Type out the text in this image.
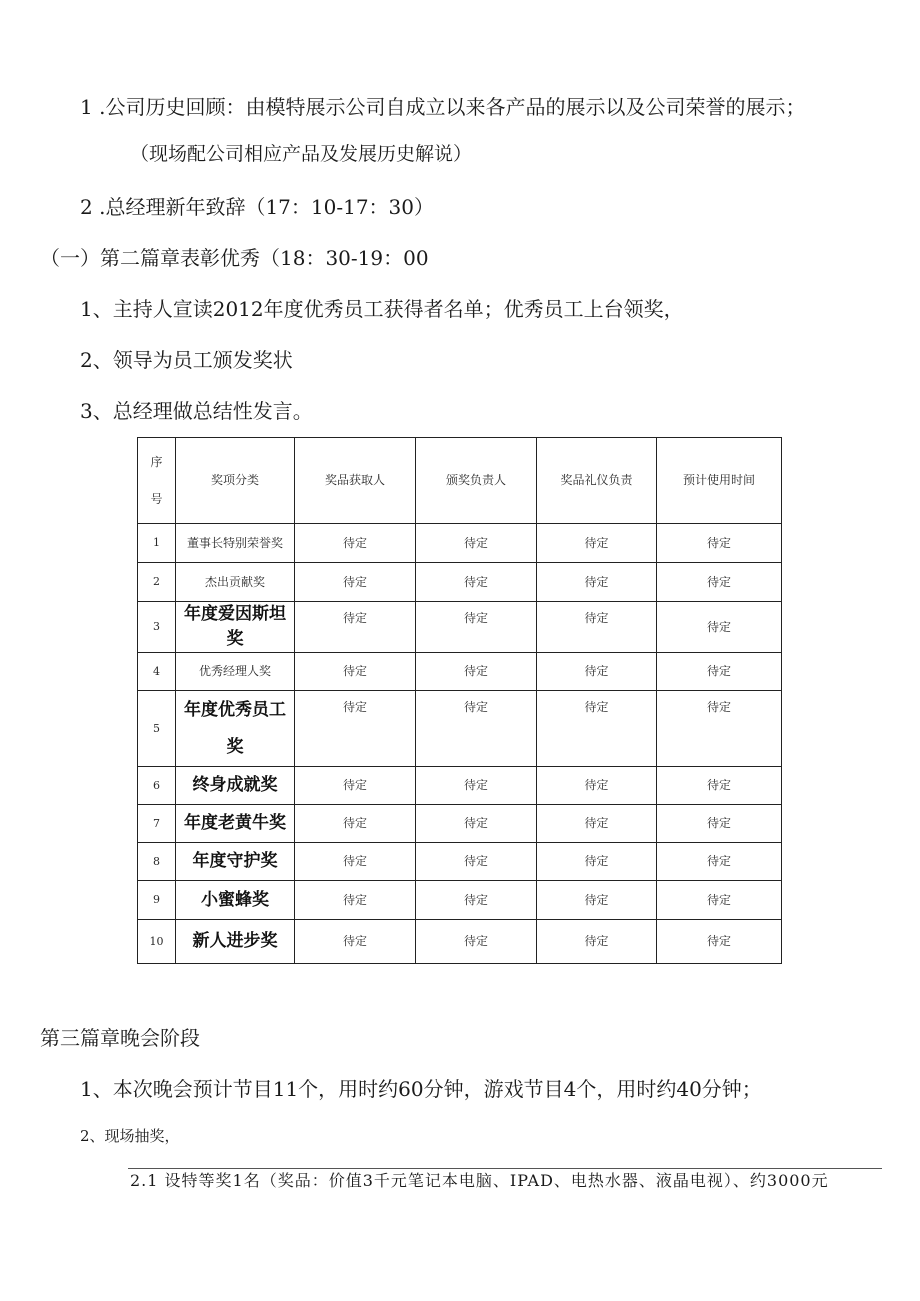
1 .公司历史回顾：由模特展示公司自成立以来各产品的展示以及公司荣誉的展示；
（现场配公司相应产品及发展历史解说）
2 .总经理新年致辞（17：10-17：30）
（一）第二篇章表彰优秀（18：30-19：00
1、主持人宣读2012年度优秀员工获得者名单；优秀员工上台领奖，
2、领导为员工颁发奖状
3、总经理做总结性发言。
序号	奖项分类	奖品获取人	颁奖负责人	奖品礼仪负责	预计使用时间
1	董事长特别荣誉奖	待定	待定	待定	待定
2	杰出贡献奖	待定	待定	待定	待定
3	年度爱因斯坦奖	待定	待定	待定	待定
4	优秀经理人奖	待定	待定	待定	待定
5	年度优秀员工奖	待定	待定	待定	待定
6	终身成就奖	待定	待定	待定	待定
7	年度老黄牛奖	待定	待定	待定	待定
8	年度守护奖	待定	待定	待定	待定
9	小蜜蜂奖	待定	待定	待定	待定
10	新人进步奖	待定	待定	待定	待定
第三篇章晚会阶段
1、本次晚会预计节目11个，用时约60分钟，游戏节目4个，用时约40分钟；
2、现场抽奖，
2.1 设特等奖1名（奖品：价值3千元笔记本电脑、IPAD、电热水器、液晶电视）、约3000元
